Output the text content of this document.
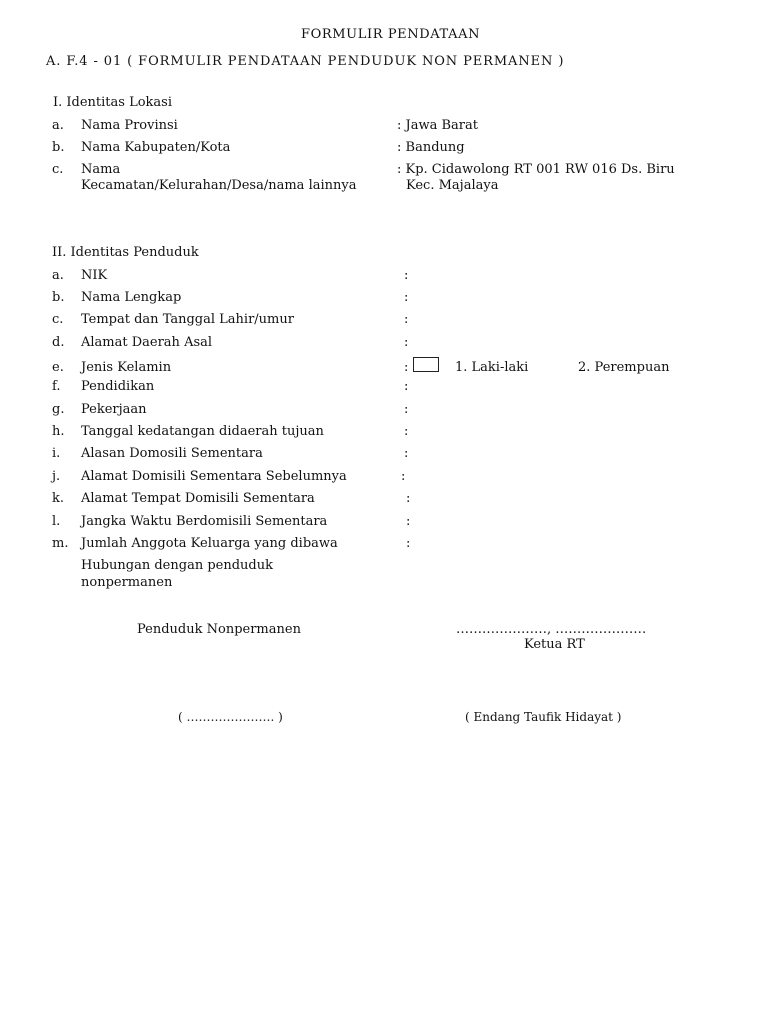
FORMULIR PENDATAAN
A. F.4 - 01 ( FORMULIR PENDATAAN PENDUDUK NON PERMANEN )
I. Identitas Lokasi
a. Nama Provinsi	: Jawa Barat
b. Nama Kabupaten/Kota	: Bandung
c. Nama
Kecamatan/Kelurahan/Desa/nama lainnya
: Kp. Cidawolong RT 001 RW 016 Ds. Biru
Kec. Majalaya
II. Identitas Penduduk
a. NIK	:
b. Nama Lengkap	:
c. Tempat dan Tanggal Lahir/umur	:
d. Alamat Daerah Asal	:
e. Jenis Kelamin	:	1. Laki-laki	2. Perempuan
f. Pendidikan	:
g. Pekerjaan	:
h. Tanggal kedatangan didaerah tujuan	:
i. Alasan Domosili Sementara	:
j. Alamat Domisili Sementara Sebelumnya	:
k. Alamat Tempat Domisili Sementara	:
l. Jangka Waktu Berdomisili Sementara	:
m. Jumlah Anggota Keluarga yang dibawa	:
Hubungan dengan penduduk
nonpermanen
Penduduk Nonpermanen	…………………, …………………
Ketua RT
( …………………. )	( Endang Taufik Hidayat )
